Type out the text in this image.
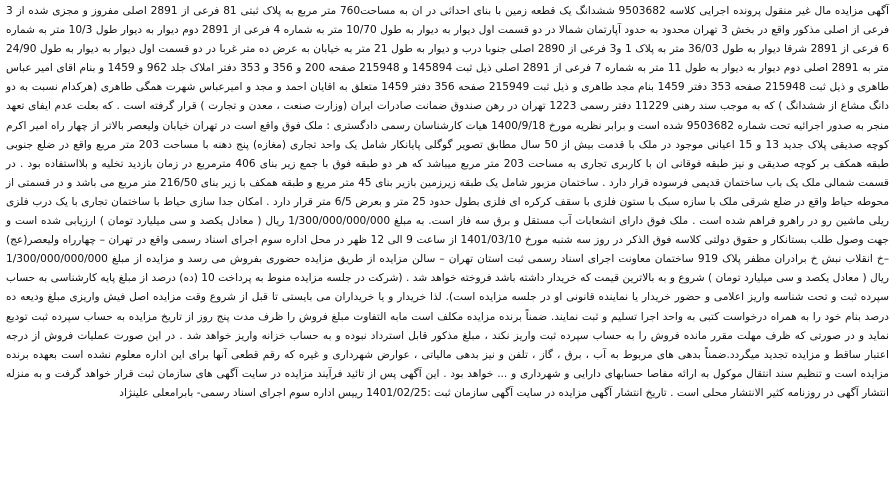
آگهی مزایده مال غیر منقول پرونده اجرایی کلاسه 9503682 ششدانگ یک قطعه زمین با بنای احداثی در ان به مساحت760 متر مربع به پلاک ثبتی 81 فرعی از 2891 اصلی مفروز و مجزی شده از 3 فرعی از اصلی مذکور واقع در بخش 3 تهران محدود به حدود آپارتمان شمالا در دو قسمت اول دیوار به دیوار به طول 10/70 متر به شماره 4 فرعی از 2891 دوم دیوار به دیوار طول 10/3 متر به شماره 6 فرعی از 2891 شرقا دیوار به طول 36/03 متر به پلاک 1 و3 فرعی از 2890 اصلی جنوبا درب و دیوار به طول 21 متر به خیابان به عرض ده متر غربا در دو قسمت اول دیوار به دیوار به طول 24/90 متر به 2891 اصلی دوم دیوار به دیوار به طول 11 متر به شماره 7 فرعی از 2891 اصلی ذیل ثبت 145894 و 215948 صفحه 200 و 356 و 353 دفتر املاک جلد 962 و 1459 و بنام اقای امیر عباس طاهری و ذیل ثبت 215948 صفحه 353 دفتر 1459 بنام مجد طاهری و ذیل ثبت 215949 صفحه 356 دفتر 1459 متعلق به اقایان احمد و مجد و امیرعباس شهرت همگی طاهری (هرکدام نسبت به دو دانگ مشاع از ششدانگ ) که به موجب سند رهنی 11229 دفتر رسمی 1223 تهران در رهن صندوق ضمانت صادرات ایران (وزارت صنعت ، معدن و تجارت ) قرار گرفته است . که بعلت عدم ایفای تعهد منجر به صدور اجرائیه تحت شماره 9503682 شده است و برابر نظریه مورخ 1400/9/18 هیات کارشناسان رسمی دادگستری : ملک فوق واقع است در تهران خیابان ولیعصر بالاتر از چهار راه امیر اکرم کوچه صدیقی پلاک جدید 13 و 15 اعیانی موجود در ملک با قدمت بیش از 50 سال مطابق تصویر گوگلی پایانکار شامل یک واحد تجاری (مغازه) پنج دهنه با مساحت 203 متر مربع واقع در ضلع جنوبی طبقه همکف بر کوچه صدیقی و نیز طبقه فوقانی ان با کاربری تجاری به مساحت 203 متر مربع میباشد که هر دو طبقه فوق با جمع زیر بنای 406 مترمربع در زمان بازدید تخلیه و بلااستفاده بود . در قسمت شمالی ملک یک باب ساختمان قدیمی فرسوده قرار دارد . ساختمان مزبور شامل یک طبقه زیرزمین بازیر بنای 45 متر مربع و طبقه همکف با زیر بنای 216/50 متر مربع می باشد و در قسمتی از محوطه حیاط واقع در ضلع شرقی ملک با سازه سبک با ستون فلزی با سقف کرکره ای فلزی بطول حدود 25 متر و بعرض 6/5 متر قرار دارد . امکان جدا سازی حیاط با ساختمان تجاری با یک درب فلزی ریلی ماشین رو در راهرو فراهم شده است . ملک فوق دارای انشعابات آب مستقل و برق سه فاز است. به مبلغ 1/300/000/000/000 ریال ( معادل یکصد و سی میلیارد تومان ) ارزیابی شده است و جهت وصول طلب بستانکار و حقوق دولتی کلاسه فوق الذکر در روز سه شنبه مورخ 1401/03/10 از ساعت 9 الی 12 ظهر در محل اداره سوم اجرای اسناد رسمی واقع در تهران – چهارراه ولیعصر(عج) –خ انقلاب نبش خ برادران مظفر پلاک 919 ساختمان معاونت اجرای اسناد رسمی ثبت استان تهران – سالن مزایده از طریق مزایده حضوری بفروش می رسد و مزایده از مبلغ 1/300/000/000/000 ریال ( معادل یکصد و سی میلیارد تومان ) شروع و به بالاترین قیمت که خریدار داشته باشد فروخته خواهد شد . (شرکت در جلسه مزایده منوط به پرداخت 10 (ده) درصد از مبلغ پایه کارشناسی به حساب سپرده ثبت و تحت شناسه واریز اعلامی و حضور خریدار یا نماینده قانونی او در جلسه مزایده است). لذا خریدار و یا خریداران می بایستی تا قبل از شروع وقت مزایده اصل فیش واریزی مبلغ ودیعه ده درصد بنام خود را به همراه درخواست کتبی به واحد اجرا تسلیم و ثبت نمایند. ضمناً برنده مزایده مکلف است مابه التفاوت مبلغ فروش را ظرف مدت پنج روز از تاریخ مزایده به حساب سپرده ثبت تودیع نماید و در صورتی که ظرف مهلت مقرر مانده فروش را به حساب سپرده ثبت واریز نکند ، مبلغ مذکور قابل استرداد نبوده و به حساب خزانه واریز خواهد شد . در این صورت عملیات فروش از درجه اعتبار ساقط و مزایده تجدید میگردد.ضمناً بدهی های مربوط به آب ، برق ، گاز ، تلفن و نیز بدهی مالیاتی ، عوارض شهرداری و غیره که رقم قطعی آنها برای این اداره معلوم نشده است بعهده برنده مزایده است و تنظیم سند انتقال موکول به ارائه مفاصا حسابهای دارایی و شهرداری و ... خواهد بود . این آگهی پس از تائید فرآیند مزایده در سایت آگهی های سازمان ثبت قرار خواهد گرفت و به منزله انتشار آگهی در روزنامه کثیر الانتشار محلی است . تاریخ انتشار آگهی مزایده در سایت آگهی سازمان ثبت :1401/02/25 رییس اداره سوم اجرای اسناد رسمی- بابرامعلی علینژاد
